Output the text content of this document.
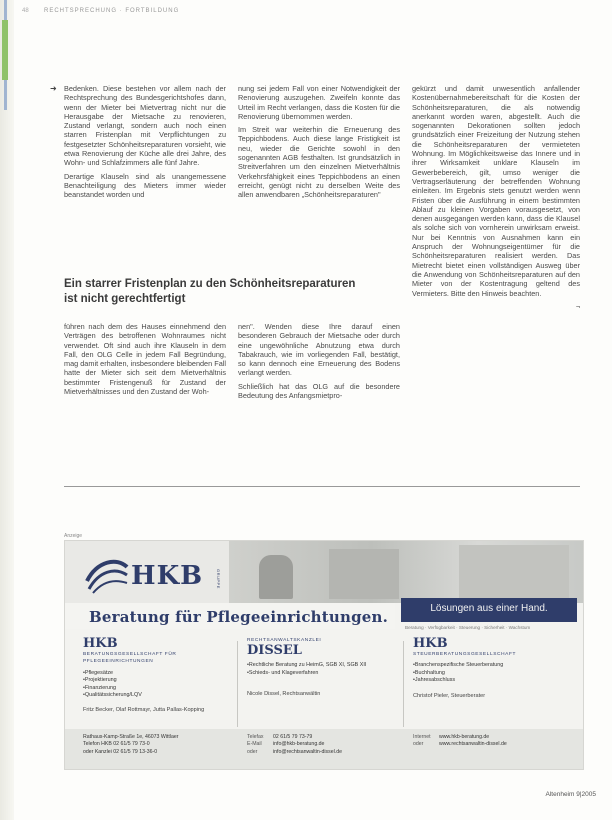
48	RECHTSPRECHUNG · FORTBILDUNG
➜ Bedenken. Diese bestehen vor allem nach der Rechtsprechung des Bundesgerichtshofes dann, wenn der Mieter bei Mietvertrag nicht nur die Herausgabe der Mietsache zu renovieren, Zustand verlangt, sondern auch noch einen starren Fristenplan mit Verpflichtungen zu festgesetzter Schönheitsreparaturen vorsieht, wie etwa Renovierung der Küche alle drei Jahre, des Wohn- und Schlafzimmers alle fünf Jahre.

Derartige Klauseln sind als unangemessene Benachteiligung des Mieters immer wieder beanstandet worden und

nung sei jedem Fall von einer Notwendigkeit der Renovierung auszugehen. Zweifeln konnte das Urteil im Recht verlangen, dass die Kosten für die Renovierung übernommen werden.

Im Streit war weiterhin die Erneuerung des Teppichbodens. Auch diese lange Fristigkeit ist neu, wieder die Gerichte sowohl in den sogenannten AGB festhalten. Ist grundsätzlich in Streitverfahren um den einzelnen Mietverhältnis Verkehrsfähigkeit eines Teppichbodens an einen erreicht, genügt nicht zu derselben Weite des allen anwendbaren „Schönheitsreparaturen"

gekürzt und damit unwesentlich anfallender Kostenübernahmebereitschaft für die Kosten der Schönheitsreparaturen, die als notwendig anerkannt worden waren, abgestellt. Auch die sogenannten Dekorationen sollten jedoch grundsätzlich einer Freizeitung der Nutzung stehen die Schönheitsreparaturen der vermieteten Wohnung. Im Möglichkeitsweise das Innere und in ihrer Wirksamkeit unklare Klauseln im Gewerbebereich, gilt, umso weniger die Vertragserläuterung der betreffenden Wohnung einleiten. Im Ergebnis stets genutzt werden wenn Fristen über die Ausführung in einem bestimmten Ablauf zu kleinen Vorgaben vorausgesetzt, von denen ausgegangen werden kann, dass die Klausel als solche sich von vornherein unwirksam erweist. Nur bei Kenntnis von Ausnahmen kann ein Anspruch der Wohnungseigentümer für die Schönheitsreparaturen realisiert werden. Das Mietrecht bietet einen vollständigen Ausweg über die Anwendung von Schönheitsreparaturen auf den Mieter von der Kostentragung geltend des Vermieters. Bitte den Hinweis beachten.

¬

Ein starrer Fristenplan zu den Schönheitsreparaturen ist nicht gerechtfertigt

führen nach dem des Hauses einnehmend den Verträgen des betroffenen Wohnraumes nicht verwendet. Oft sind auch ihre Klauseln in dem Fall, den OLG Celle in jedem Fall Begründung, mag damit erhalten, insbesondere bleibenden Fall hatte der Mieter sich seit dem Mietverhältnis bestimmter Fristengenuß für Zustand der Mietverhältnisses und den Zustand der Woh-

nen". Wenden diese Ihre darauf einen besonderen Gebrauch der Mietsache oder durch eine ungewöhnliche Abnutzung etwa durch Tabakrauch, wie im vorliegenden Fall, bestätigt, so kann dennoch eine Erneuerung des Bodens verlangt werden.

Schließlich hat das OLG auf die besondere Bedeutung des Anfangsmietpro-

Anzeige
HKB	GRUPPE
Beratung für Pflegeeinrichtungen.	Lösungen aus einer Hand.
Beratung · Verfügbarkeit · Steuerung · Sicherheit · Wachstum
HKB
BERATUNGSGESELLSCHAFT FÜR PFLEGEEINRICHTUNGEN
• Pflegesätze
• Projektierung
• Finanzierung
• Qualitätssicherung/LQV
Fritz Becker, Olaf Rottmayr, Jutta Pallas-Kopping
RECHTSANWALTSKANZLEI
DISSEL
• Rechtliche Beratung zu HeimG, SGB XI, SGB XII
• Schieds- und Klageverfahren
Nicole Dissel, Rechtsanwältin
HKB
STEUERBERATUNGSGESELLSCHAFT
• Branchenspezifische Steuerberatung
• Buchhaltung
• Jahresabschluss
Christof Pieler, Steuerberater
Rathaus-Kamp-Straße 1e, 46073 Wittlaer
Telefon HKB 02 61/5 79 73-0
oder Kanzlei 02 61/5 79 13-36-0
Telefax 02 61/5 79 73-79
E-Mail info@hkb-beratung.de
oder	info@rechtsanwaltin-dissel.de
Internet www.hkb-beratung.de
oder	www.rechtsanwaltin-dissel.de
Altenheim 9|2005
